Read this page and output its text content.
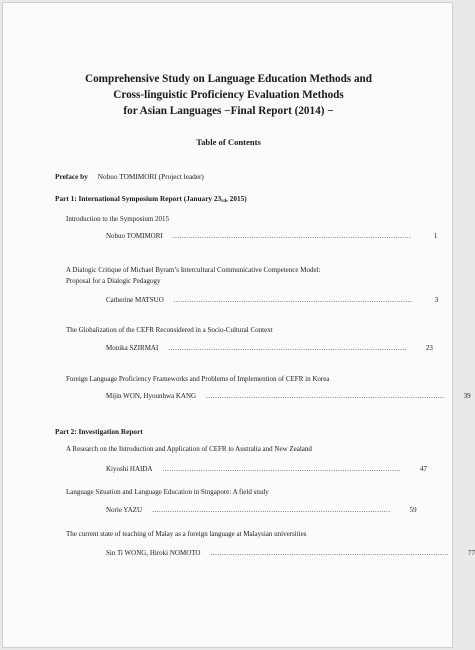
Comprehensive Study on Language Education Methods and
Cross-linguistic Proficiency Evaluation Methods
for Asian Languages −Final Report (2014) −
Table of Contents
Preface by Nobuo TOMIMORI (Project leader)
Part 1: International Symposium Report (January $23_{rd}$, 2015)
Introduction to the Symposium 2015
Nobuo TOMIMORI ..........................................................................................................	1
A Dialogic Critique of Michael Byram’s Intercultural Communicative Competence Model:
Proposal for a Dialogic Pedagogy
Catherine MATSUO ..........................................................................................................	3
The Globalization of the CEFR Reconsidered in a Socio-Cultural Context
Monika SZIRMAI ..........................................................................................................	23
Foreign Language Proficiency Frameworks and Problems of Implemention of CEFR in Korea
Mijin WON, Hyounhwa KANG ..........................................................................................................	39
Part 2: Investigation Report
A Research on the Introduction and Application of CEFR to Australia and New Zealand
Kiyoshi HAIDA ..........................................................................................................	47
Language Situation and Language Education in Singapore: A field study
Norie YAZU ..........................................................................................................	59
The current state of teaching of Malay as a foreign language at Malaysian universities
Sin Ti WONG, Hiroki NOMOTO ..........................................................................................................	77
